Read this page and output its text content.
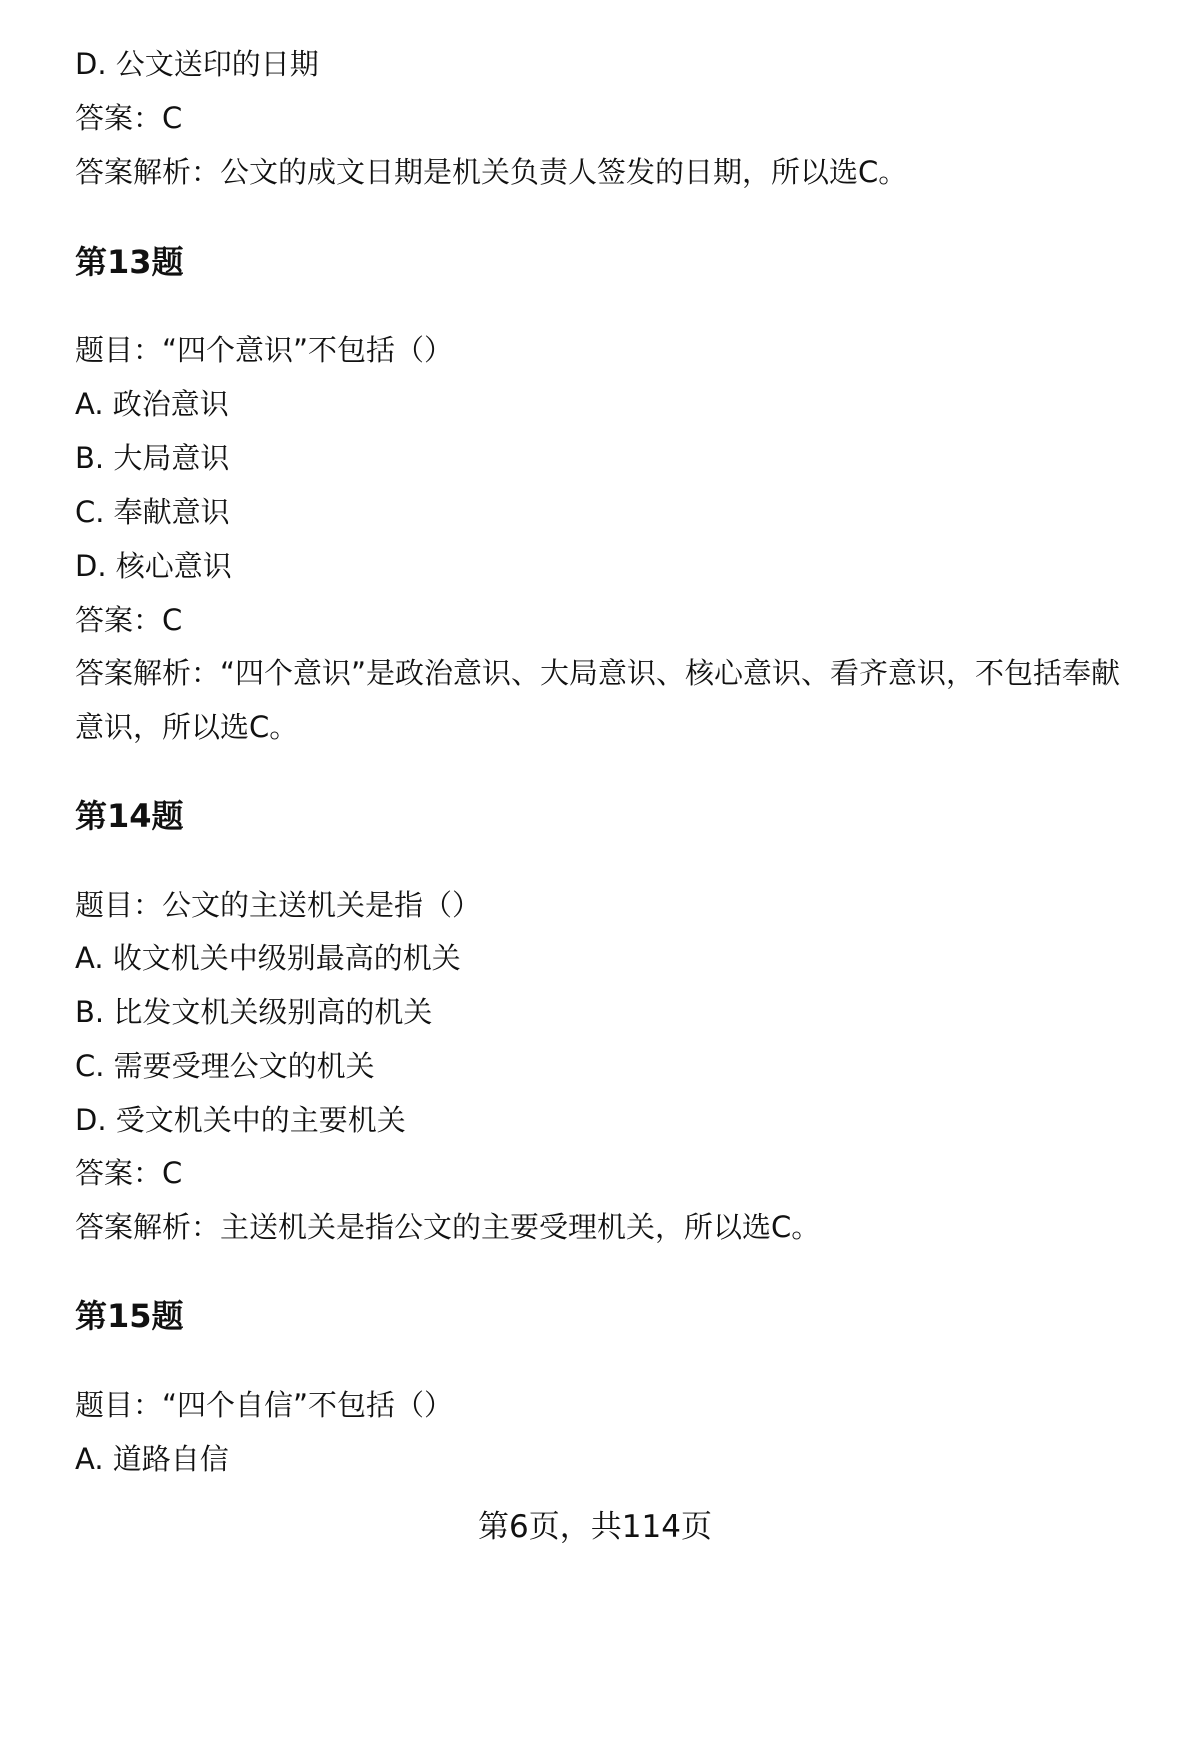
D. 公文送印的日期
答案：C
答案解析：公文的成文日期是机关负责人签发的日期，所以选C。
第13题
题目：“四个意识”不包括（）
A. 政治意识
B. 大局意识
C. 奉献意识
D. 核心意识
答案：C
答案解析：“四个意识”是政治意识、大局意识、核心意识、看齐意识，不包括奉献
意识，所以选C。
第14题
题目：公文的主送机关是指（）
A. 收文机关中级别最高的机关
B. 比发文机关级别高的机关
C. 需要受理公文的机关
D. 受文机关中的主要机关
答案：C
答案解析：主送机关是指公文的主要受理机关，所以选C。
第15题
题目：“四个自信”不包括（）
A. 道路自信
第6页，共114页
